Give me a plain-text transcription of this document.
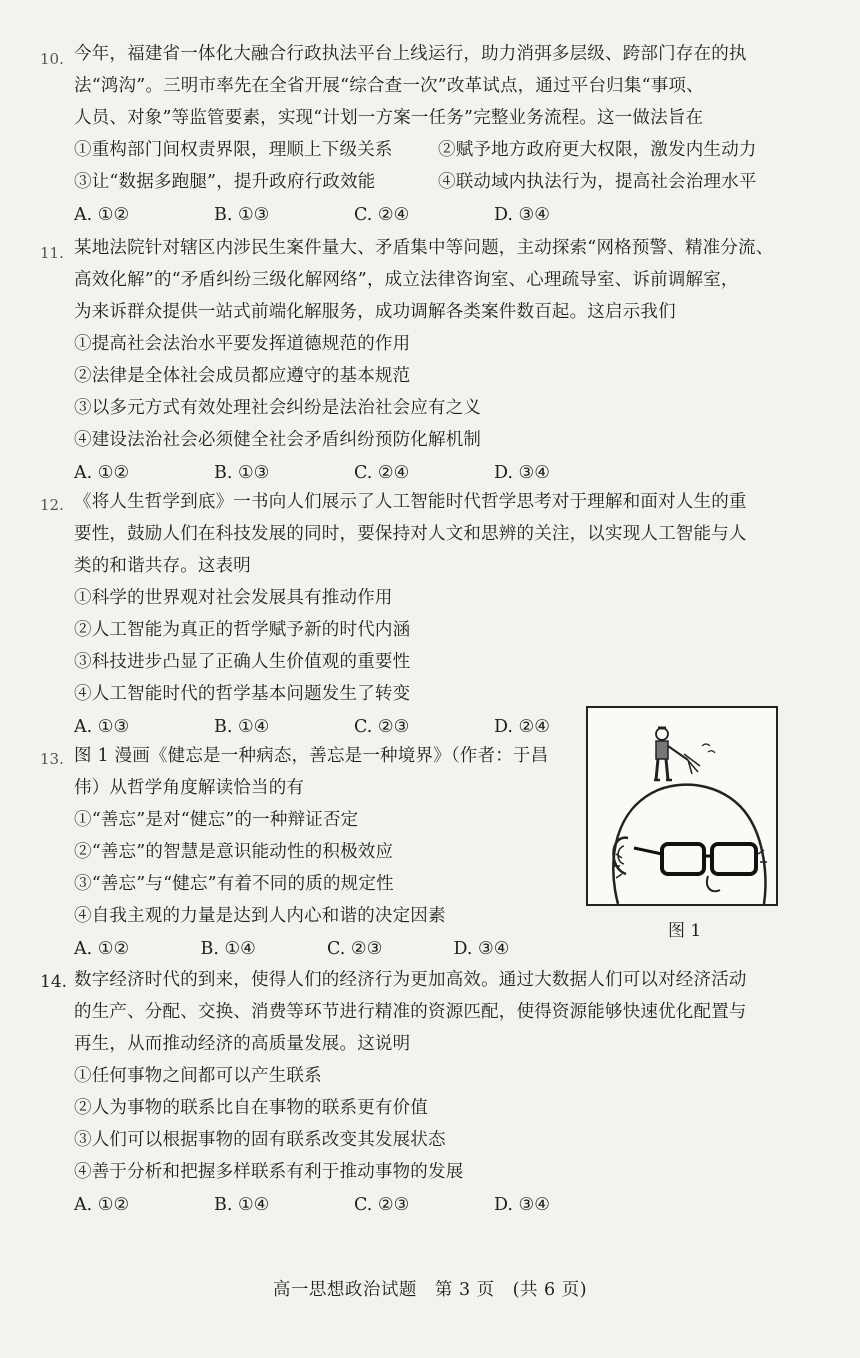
10. 今年，福建省一体化大融合行政执法平台上线运行，助力消弭多层级、跨部门存在的执
法“鸿沟”。三明市率先在全省开展“综合查一次”改革试点，通过平台归集“事项、
人员、对象”等监管要素，实现“计划一方案一任务”完整业务流程。这一做法旨在
①重构部门间权责界限，理顺上下级关系	②赋予地方政府更大权限，激发内生动力
③让“数据多跑腿”，提升政府行政效能	④联动域内执法行为，提高社会治理水平
A. ①②	B. ①③	C. ②④	D. ③④
11. 某地法院针对辖区内涉民生案件量大、矛盾集中等问题，主动探索“网格预警、精准分流、
高效化解”的“矛盾纠纷三级化解网络”，成立法律咨询室、心理疏导室、诉前调解室，
为来诉群众提供一站式前端化解服务，成功调解各类案件数百起。这启示我们
①提高社会法治水平要发挥道德规范的作用
②法律是全体社会成员都应遵守的基本规范
③以多元方式有效处理社会纠纷是法治社会应有之义
④建设法治社会必须健全社会矛盾纠纷预防化解机制
A. ①②	B. ①③	C. ②④	D. ③④
12. 《将人生哲学到底》一书向人们展示了人工智能时代哲学思考对于理解和面对人生的重
要性，鼓励人们在科技发展的同时，要保持对人文和思辨的关注，以实现人工智能与人
类的和谐共存。这表明
①科学的世界观对社会发展具有推动作用
②人工智能为真正的哲学赋予新的时代内涵
③科技进步凸显了正确人生价值观的重要性
④人工智能时代的哲学基本问题发生了转变
A. ①③	B. ①④	C. ②③	D. ②④
13. 图 1 漫画《健忘是一种病态，善忘是一种境界》（作者：于昌
伟）从哲学角度解读恰当的有
①“善忘”是对“健忘”的一种辩证否定
②“善忘”的智慧是意识能动性的积极效应
③“善忘”与“健忘”有着不同的质的规定性
④自我主观的力量是达到人内心和谐的决定因素
A. ①②	B. ①④	C. ②③	D. ③④
图 1
14. 数字经济时代的到来，使得人们的经济行为更加高效。通过大数据人们可以对经济活动
的生产、分配、交换、消费等环节进行精准的资源匹配，使得资源能够快速优化配置与
再生，从而推动经济的高质量发展。这说明
①任何事物之间都可以产生联系
②人为事物的联系比自在事物的联系更有价值
③人们可以根据事物的固有联系改变其发展状态
④善于分析和把握多样联系有利于推动事物的发展
A. ①②	B. ①④	C. ②③	D. ③④
高一思想政治试题　第 3 页　(共 6 页)
